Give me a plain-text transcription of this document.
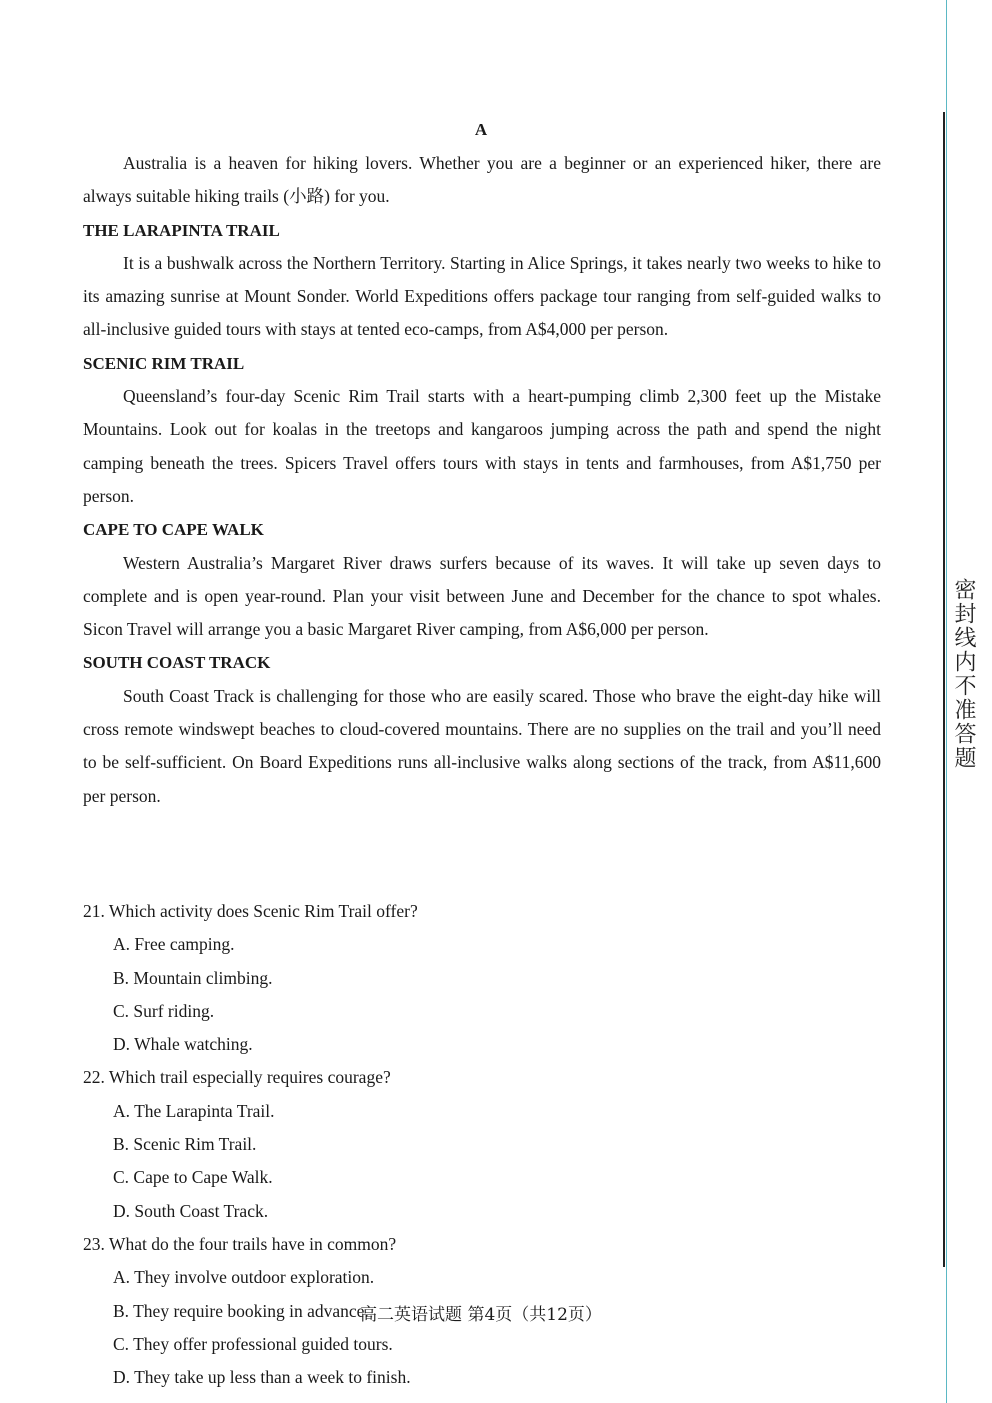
密封线内不准答题
A

Australia is a heaven for hiking lovers. Whether you are a beginner or an experienced hiker, there are always suitable hiking trails (小路) for you.

THE LARAPINTA TRAIL

It is a bushwalk across the Northern Territory. Starting in Alice Springs, it takes nearly two weeks to hike to its amazing sunrise at Mount Sonder. World Expeditions offers package tour ranging from self-guided walks to all-inclusive guided tours with stays at tented eco-camps, from A$4,000 per person.

SCENIC RIM TRAIL

Queensland’s four-day Scenic Rim Trail starts with a heart-pumping climb 2,300 feet up the Mistake Mountains. Look out for koalas in the treetops and kangaroos jumping across the path and spend the night camping beneath the trees. Spicers Travel offers tours with stays in tents and farmhouses, from A$1,750 per person.

CAPE TO CAPE WALK

Western Australia’s Margaret River draws surfers because of its waves. It will take up seven days to complete and is open year-round. Plan your visit between June and December for the chance to spot whales. Sicon Travel will arrange you a basic Margaret River camping, from A$6,000 per person.

SOUTH COAST TRACK

South Coast Track is challenging for those who are easily scared. Those who brave the eight-day hike will cross remote windswept beaches to cloud-covered mountains. There are no supplies on the trail and you’ll need to be self-sufficient. On Board Expeditions runs all-inclusive walks along sections of the track, from A$11,600 per person.

21. Which activity does Scenic Rim Trail offer?

A. Free camping.
B. Mountain climbing.
C. Surf riding.
D. Whale watching.

22. Which trail especially requires courage?

A. The Larapinta Trail.
B. Scenic Rim Trail.
C. Cape to Cape Walk.
D. South Coast Track.

23. What do the four trails have in common?

A. They involve outdoor exploration.
B. They require booking in advance.
C. They offer professional guided tours.
D. They take up less than a week to finish.
高二英语试题 第4页（共12页）
